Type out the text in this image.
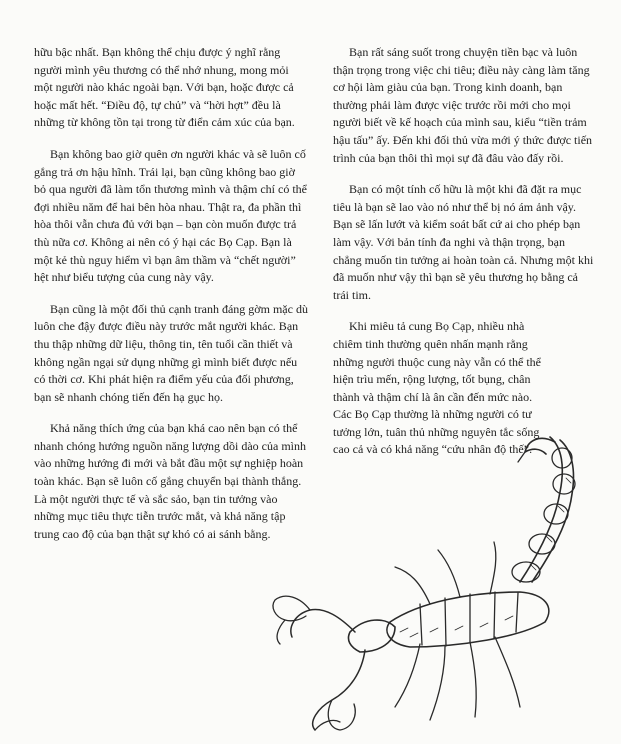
hữu bậc nhất. Bạn không thể chịu được ý nghĩ rằng người mình yêu thương có thể nhớ nhung, mong mỏi một người nào khác ngoài bạn. Với bạn, hoặc được cả hoặc mất hết. “Điều độ, tự chủ” và “hời hợt” đều là những từ không tồn tại trong từ điển cảm xúc của bạn.

Bạn không bao giờ quên ơn người khác và sẽ luôn cố gắng trả ơn hậu hĩnh. Trái lại, bạn cũng không bao giờ bỏ qua người đã làm tổn thương mình và thậm chí có thể đợi nhiều năm để hai bên hòa nhau. Thật ra, đa phần thì hòa thôi vẫn chưa đủ với bạn – bạn còn muốn được trả thù nữa cơ. Không ai nên có ý hại các Bọ Cạp. Bạn là một kẻ thù nguy hiểm vì bạn âm thầm và “chết người” hệt như biểu tượng của cung này vậy.

Bạn cũng là một đối thủ cạnh tranh đáng gờm mặc dù luôn che đậy được điều này trước mắt người khác. Bạn thu thập những dữ liệu, thông tin, tên tuổi cần thiết và không ngần ngại sử dụng những gì mình biết được nếu có thời cơ. Khi phát hiện ra điểm yếu của đối phương, bạn sẽ nhanh chóng tiến đến hạ gục họ.

Khả năng thích ứng của bạn khá cao nên bạn có thể nhanh chóng hướng nguồn năng lượng dồi dào của mình vào những hướng đi mới và bắt đầu một sự nghiệp hoàn toàn khác. Bạn sẽ luôn cố gắng chuyển bại thành thắng. Là một người thực tế và sắc sảo, bạn tin tưởng vào những mục tiêu thực tiễn trước mắt, và khả năng tập trung cao độ của bạn thật sự khó có ai sánh bằng.

Bạn rất sáng suốt trong chuyện tiền bạc và luôn thận trọng trong việc chi tiêu; điều này càng làm tăng cơ hội làm giàu của bạn. Trong kinh doanh, bạn thường phải làm được việc trước rồi mới cho mọi người biết về kế hoạch của mình sau, kiểu “tiền trảm hậu tấu” ấy. Đến khi đối thủ vừa mới ý thức được tiến trình của bạn thôi thì mọi sự đã đâu vào đấy rồi.

Bạn có một tính cố hữu là một khi đã đặt ra mục tiêu là bạn sẽ lao vào nó như thể bị nó ám ảnh vậy. Bạn sẽ lấn lướt và kiểm soát bất cứ ai cho phép bạn làm vậy. Với bản tính đa nghi và thận trọng, bạn chẳng muốn tin tưởng ai hoàn toàn cả. Nhưng một khi đã muốn như vậy thì bạn sẽ yêu thương họ bằng cả trái tim.

Khi miêu tả cung Bọ Cạp, nhiều nhà chiêm tinh thường quên nhấn mạnh rằng những người thuộc cung này vẫn có thể thể hiện trìu mến, rộng lượng, tốt bụng, chân thành và thậm chí là ân cần đến mức nào. Các Bọ Cạp thường là những người có tư tưởng lớn, tuân thủ những nguyên tắc sống cao cả và có khả năng “cứu nhân độ thế”.
